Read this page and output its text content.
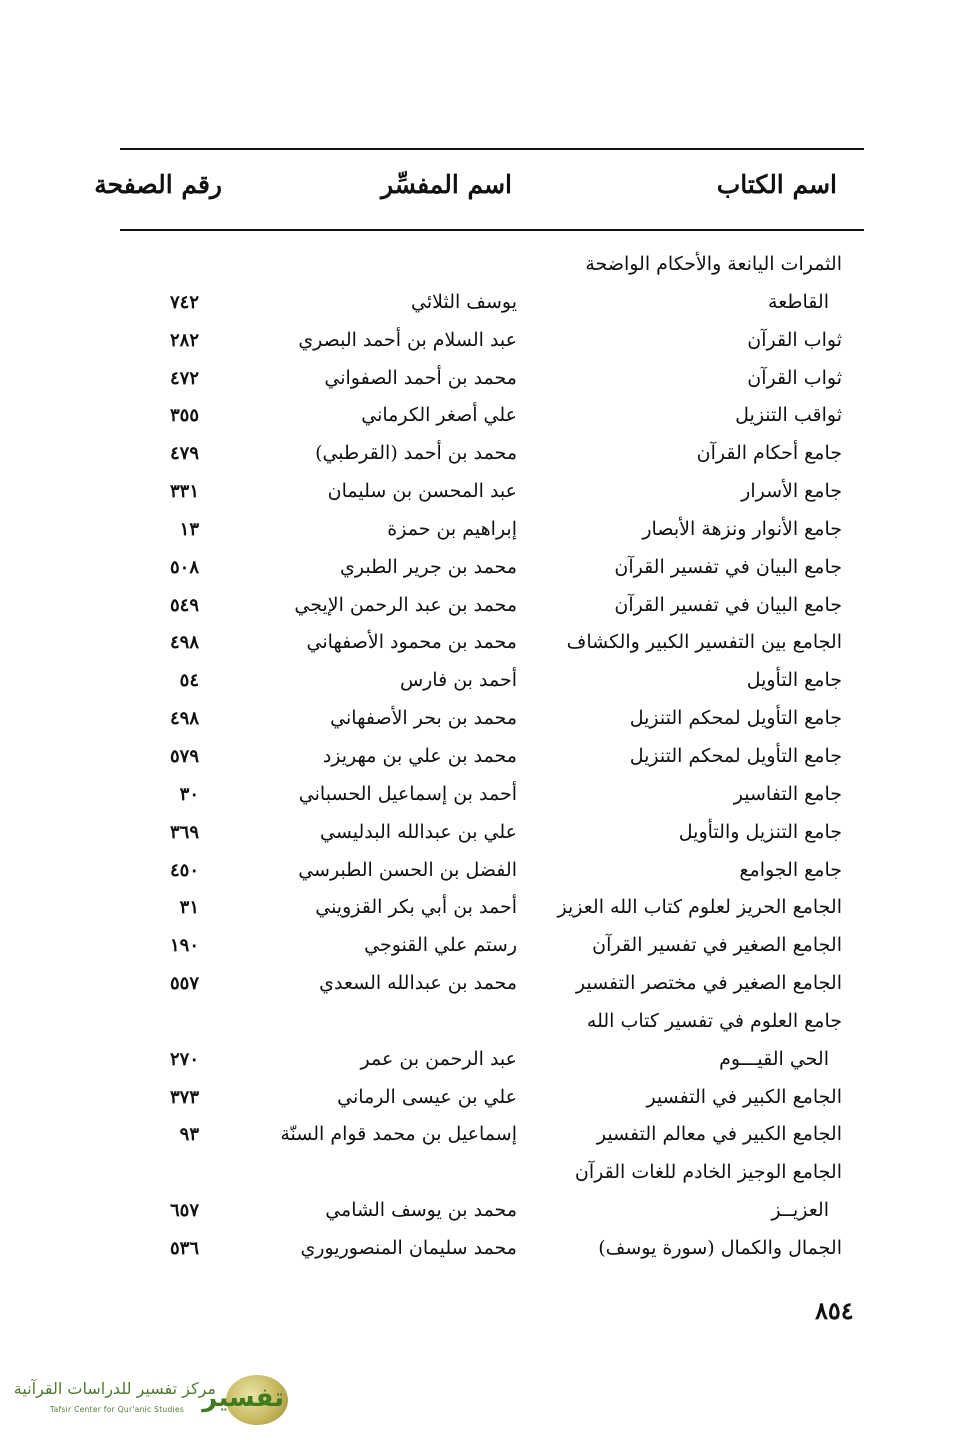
اسم الكتاب
اسم المفسِّر
رقم الصفحة
الثمرات اليانعة والأحكام الواضحة
القاطعة
يوسف الثلائي
٧٤٢
ثواب القرآن
عبد السلام بن أحمد البصري
٢٨٢
ثواب القرآن
محمد بن أحمد الصفواني
٤٧٢
ثواقب التنزيل
علي أصغر الكرماني
٣٥٥
جامع أحكام القرآن
محمد بن أحمد (القرطبي)
٤٧٩
جامع الأسرار
عبد المحسن بن سليمان
٣٣١
جامع الأنوار ونزهة الأبصار
إبراهيم بن حمزة
١٣
جامع البيان في تفسير القرآن
محمد بن جرير الطبري
٥٠٨
جامع البيان في تفسير القرآن
محمد بن عبد الرحمن الإيجي
٥٤٩
الجامع بين التفسير الكبير والكشاف
محمد بن محمود الأصفهاني
٤٩٨
جامع التأويل
أحمد بن فارس
٥٤
جامع التأويل لمحكم التنزيل
محمد بن بحر الأصفهاني
٤٩٨
جامع التأويل لمحكم التنزيل
محمد بن علي بن مهريزد
٥٧٩
جامع التفاسير
أحمد بن إسماعيل الحسباني
٣٠
جامع التنزيل والتأويل
علي بن عبدالله البدليسي
٣٦٩
جامع الجوامع
الفضل بن الحسن الطبرسي
٤٥٠
الجامع الحريز لعلوم كتاب الله العزيز
أحمد بن أبي بكر القزويني
٣١
الجامع الصغير في تفسير القرآن
رستم علي القنوجي
١٩٠
الجامع الصغير في مختصر التفسير
محمد بن عبدالله السعدي
٥٥٧
جامع العلوم في تفسير كتاب الله
الحي القيـــوم
عبد الرحمن بن عمر
٢٧٠
الجامع الكبير في التفسير
علي بن عيسى الرماني
٣٧٣
الجامع الكبير في معالم التفسير
إسماعيل بن محمد قوام السنّة
٩٣
الجامع الوجيز الخادم للغات القرآن
العزيــز
محمد بن يوسف الشامي
٦٥٧
الجمال والكمال (سورة يوسف)
محمد سليمان المنصوريوري
٥٣٦
٨٥٤
تفسير
مركز تفسير للدراسات القرآنية
Tafsir Center for Qur'anic Studies
